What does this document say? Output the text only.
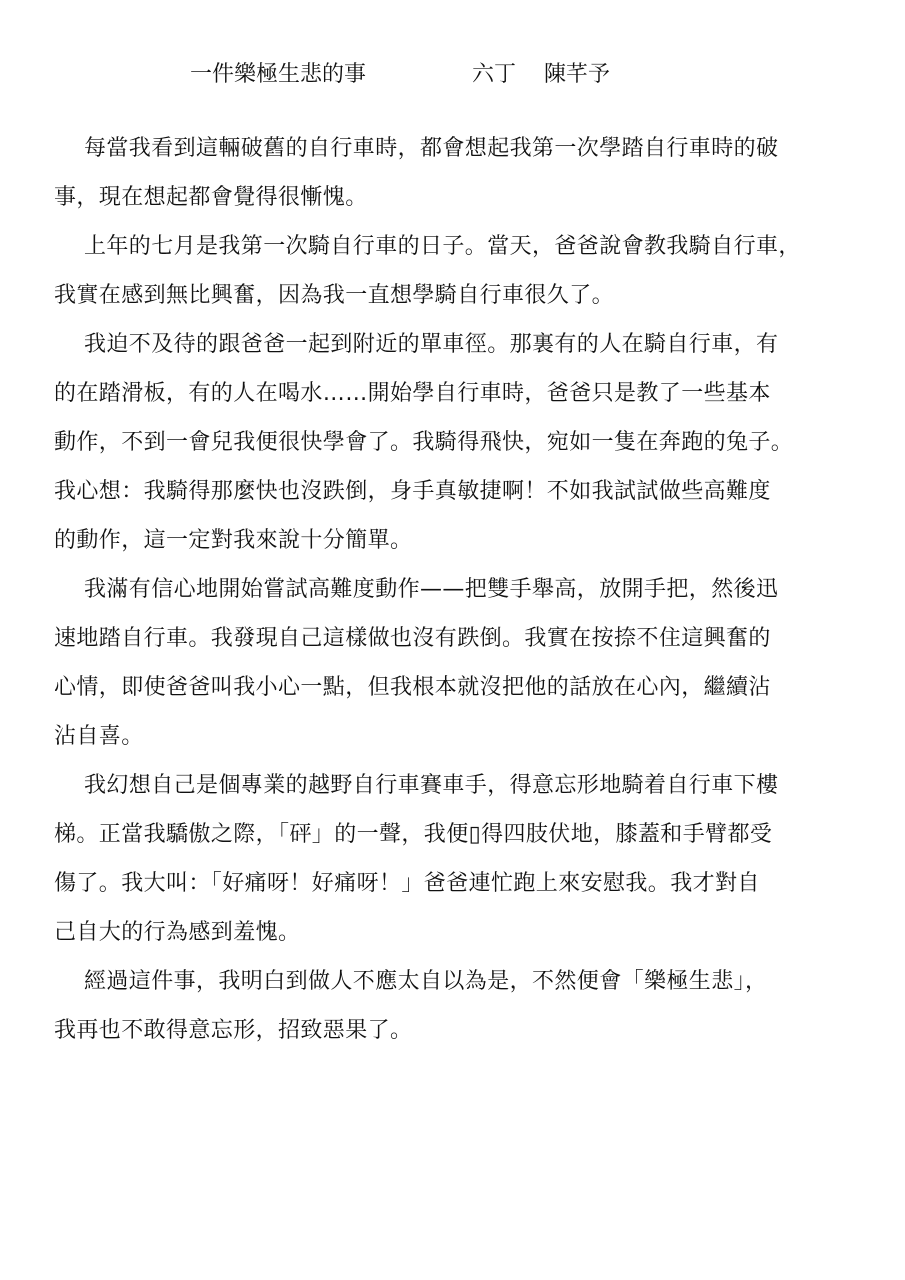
一件樂極生悲的事	六丁 陳芊予

每當我看到這輛破舊的自行車時，都會想起我第一次學踏自行車時的破
事，現在想起都會覺得很慚愧。

上年的七月是我第一次騎自行車的日子。當天，爸爸說會教我騎自行車，
我實在感到無比興奮，因為我一直想學騎自行車很久了。

我迫不及待的跟爸爸一起到附近的單車徑。那裏有的人在騎自行車，有
的在踏滑板，有的人在喝水……開始學自行車時，爸爸只是教了一些基本
動作，不到一會兒我便很快學會了。我騎得飛快，宛如一隻在奔跑的兔子。
我心想：我騎得那麼快也沒跌倒，身手真敏捷啊！不如我試試做些高難度
的動作，這一定對我來說十分簡單。

我滿有信心地開始嘗試高難度動作——把雙手舉高，放開手把，然後迅
速地踏自行車。我發現自己這樣做也沒有跌倒。我實在按捺不住這興奮的
心情，即使爸爸叫我小心一點，但我根本就沒把他的話放在心內，繼續沾
沾自喜。

我幻想自己是個專業的越野自行車賽車手，得意忘形地騎着自行車下樓
梯。正當我驕傲之際，「砰」的一聲，我便▯得四肢伏地，膝蓋和手臂都受
傷了。我大叫：「好痛呀！好痛呀！」爸爸連忙跑上來安慰我。我才對自
己自大的行為感到羞愧。

經過這件事，我明白到做人不應太自以為是，不然便會「樂極生悲」，
我再也不敢得意忘形，招致惡果了。
